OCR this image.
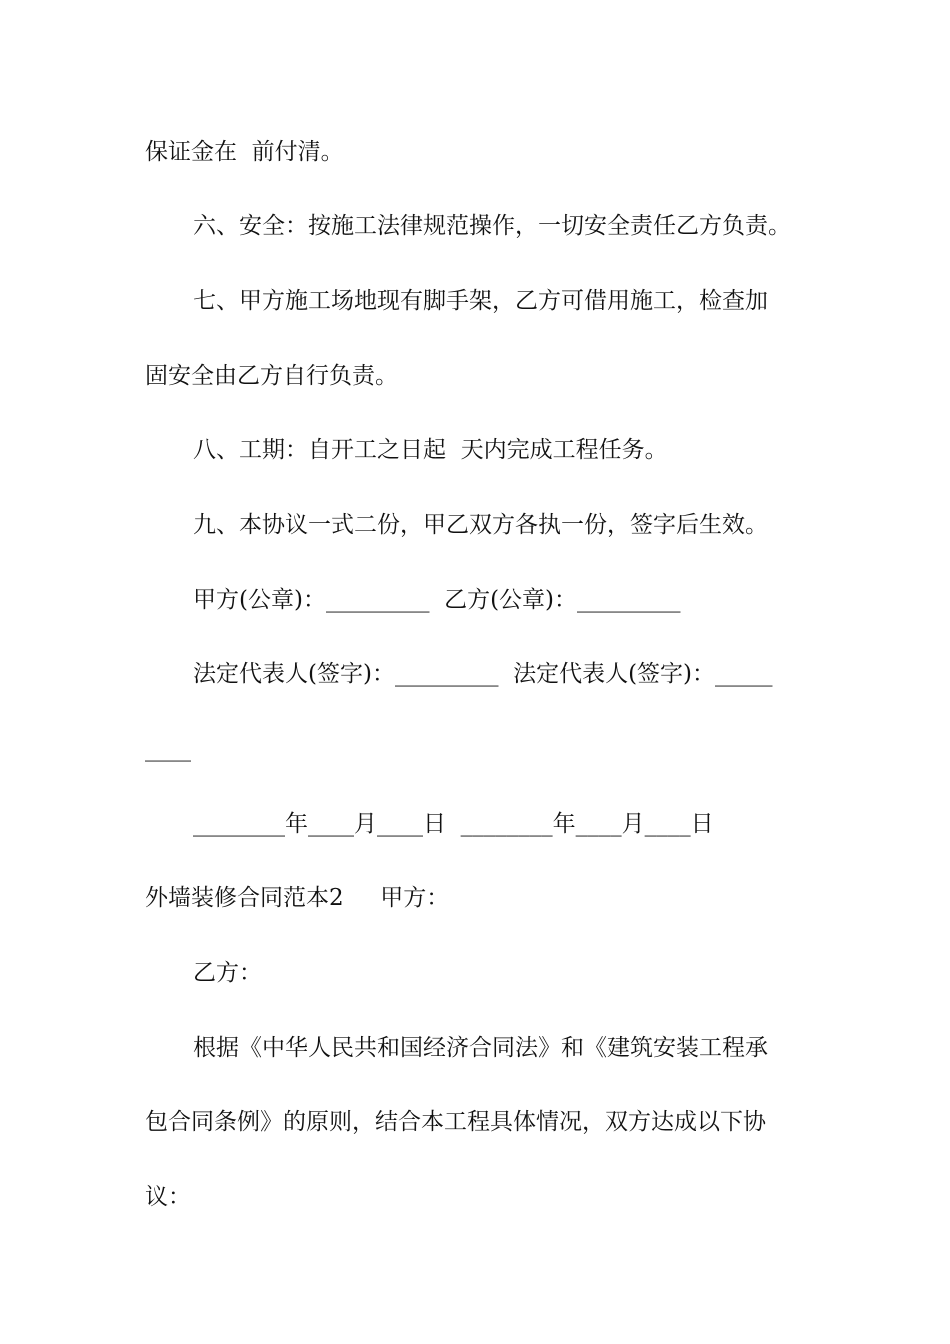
保证金在  前付清。
六、安全：按施工法律规范操作，一切安全责任乙方负责。
七、甲方施工场地现有脚手架，乙方可借用施工，检查加
固安全由乙方自行负责。
八、工期：自开工之日起  天内完成工程任务。
九、本协议一式二份，甲乙双方各执一份，签字后生效。
甲方(公章)：_________  乙方(公章)：_________
法定代表人(签字)：_________  法定代表人(签字)：_____
____
________年____月____日  ________年____月____日
外墙装修合同范本2     甲方：
乙方：
根据《中华人民共和国经济合同法》和《建筑安装工程承
包合同条例》的原则，结合本工程具体情况，双方达成以下协
议：
